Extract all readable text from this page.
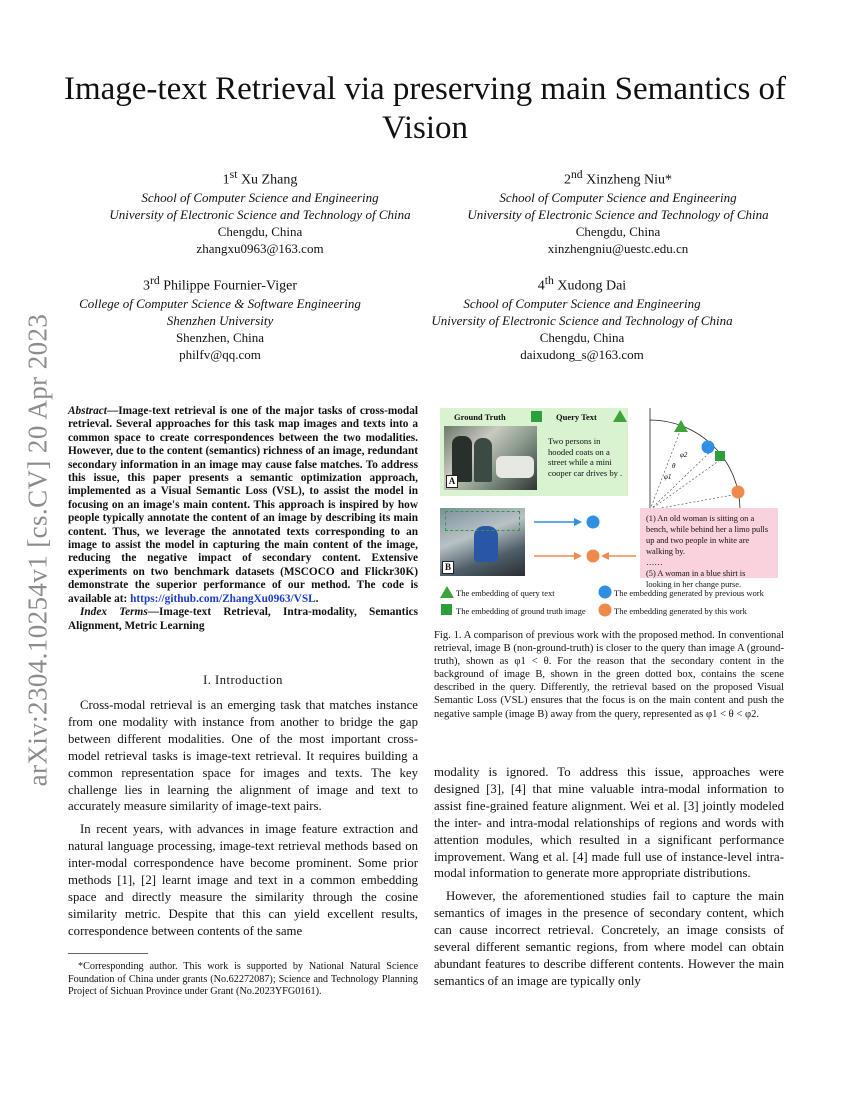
arXiv:2304.10254v1 [cs.CV] 20 Apr 2023
Image-text Retrieval via preserving main Semantics of Vision
1st Xu Zhang
School of Computer Science and Engineering
University of Electronic Science and Technology of China
Chengdu, China
zhangxu0963@163.com
2nd Xinzheng Niu*
School of Computer Science and Engineering
University of Electronic Science and Technology of China
Chengdu, China
xinzhengniu@uestc.edu.cn
3rd Philippe Fournier-Viger
College of Computer Science & Software Engineering
Shenzhen University
Shenzhen, China
philfv@qq.com
4th Xudong Dai
School of Computer Science and Engineering
University of Electronic Science and Technology of China
Chengdu, China
daixudong_s@163.com
Abstract—Image-text retrieval is one of the major tasks of cross-modal retrieval. Several approaches for this task map images and texts into a common space to create correspondences between the two modalities. However, due to the content (semantics) richness of an image, redundant secondary information in an image may cause false matches. To address this issue, this paper presents a semantic optimization approach, implemented as a Visual Semantic Loss (VSL), to assist the model in focusing on an image's main content. This approach is inspired by how people typically annotate the content of an image by describing its main content. Thus, we leverage the annotated texts corresponding to an image to assist the model in capturing the main content of the image, reducing the negative impact of secondary content. Extensive experiments on two benchmark datasets (MSCOCO and Flickr30K) demonstrate the superior performance of our method. The code is available at: https://github.com/ZhangXu0963/VSL.
Index Terms—Image-text Retrieval, Intra-modality, Semantics Alignment, Metric Learning
I. Introduction

Cross-modal retrieval is an emerging task that matches instance from one modality with instance from another to bridge the gap between different modalities. One of the most important cross-model retrieval tasks is image-text retrieval. It requires building a common representation space for images and texts. The key challenge lies in learning the alignment of image and text to accurately measure similarity of image-text pairs.

In recent years, with advances in image feature extraction and natural language processing, image-text retrieval methods based on inter-modal correspondence have become prominent. Some prior methods [1], [2] learnt image and text in a common embedding space and directly measure the similarity through the cosine similarity metric. Despite that this can yield excellent results, correspondence between contents of the same

*Corresponding author. This work is supported by National Natural Science Foundation of China under grants (No.62272087); Science and Technology Planning Project of Sichuan Province under Grant (No.2023YFG0161).
Ground Truth	Query Text
A
Two persons in hooded coats on a street while a mini cooper car drives by .
φ2
θ
φ1
B
(1) An old woman is sitting on a bench, while behind her a limo pulls up and two people in white are walking by.
……
(5) A woman in a blue shirt is looking in her change purse.
The embedding of query text	The embedding generated by previous work
The embedding of ground truth image	The embedding generated by this work
Fig. 1. A comparison of previous work with the proposed method. In conventional retrieval, image B (non-ground-truth) is closer to the query than image A (ground-truth), shown as φ1 < θ. For the reason that the secondary content in the background of image B, shown in the green dotted box, contains the scene described in the query. Differently, the retrieval based on the proposed Visual Semantic Loss (VSL) ensures that the focus is on the main content and push the negative sample (image B) away from the query, represented as φ1 < θ < φ2.

modality is ignored. To address this issue, approaches were designed [3], [4] that mine valuable intra-modal information to assist fine-grained feature alignment. Wei et al. [3] jointly modeled the inter- and intra-modal relationships of regions and words with attention modules, which resulted in a significant performance improvement. Wang et al. [4] made full use of instance-level intra-modal information to generate more appropriate distributions.

However, the aforementioned studies fail to capture the main semantics of images in the presence of secondary content, which can cause incorrect retrieval. Concretely, an image consists of several different semantic regions, from where model can obtain abundant features to describe different contents. However the main semantics of an image are typically only
